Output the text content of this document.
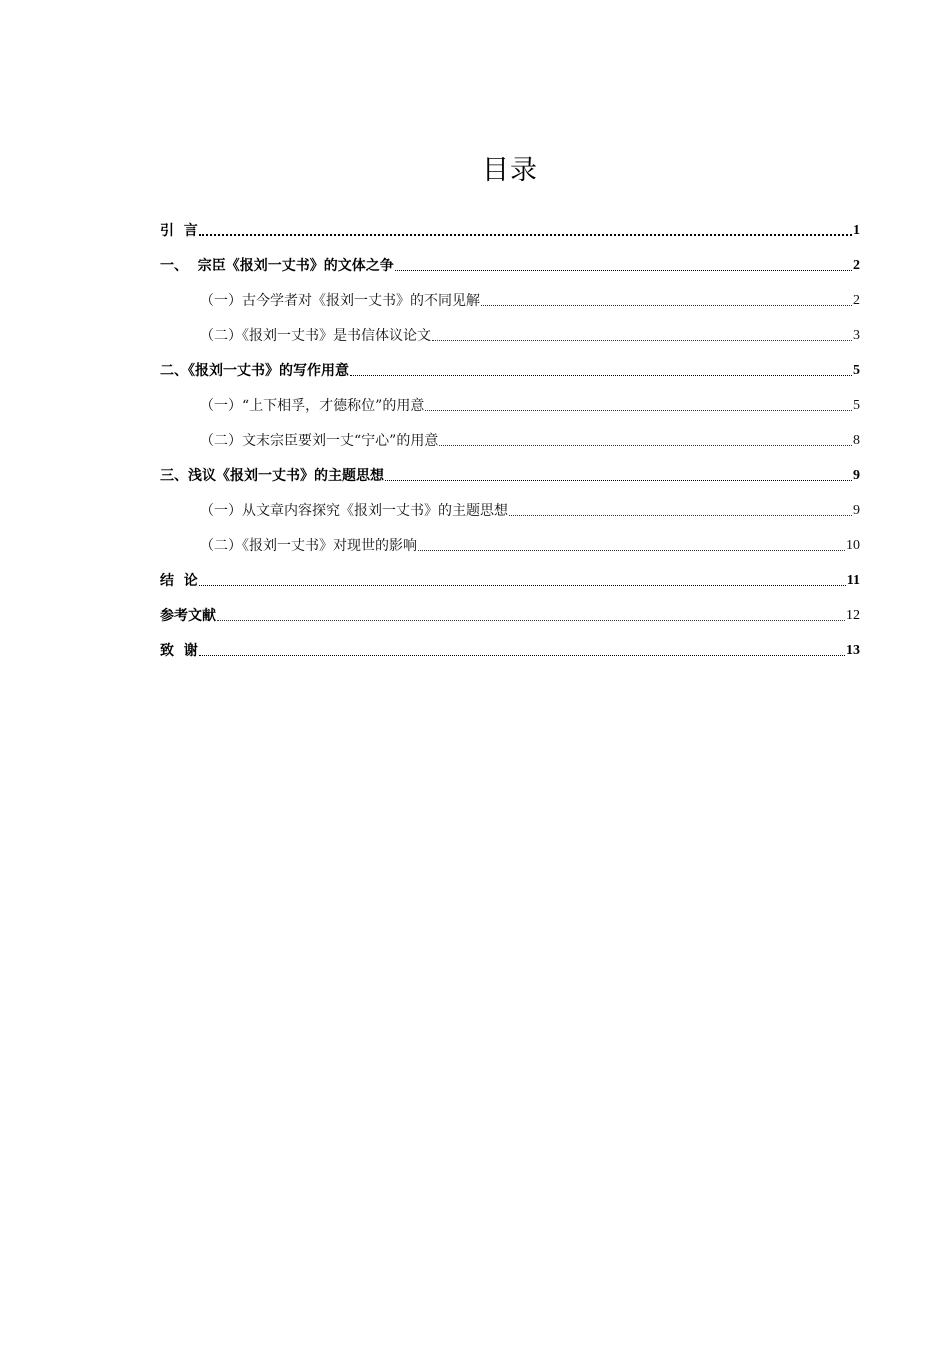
目录
引  言	1
一、  宗臣《报刘一丈书》的文体之争	2
（一）古今学者对《报刘一丈书》的不同见解	2
（二）《报刘一丈书》是书信体议论文	3
二、《报刘一丈书》的写作用意	5
（一）“上下相孚，才德称位”的用意	5
（二）文末宗臣要刘一丈“宁心”的用意	8
三、浅议《报刘一丈书》的主题思想	9
（一）从文章内容探究《报刘一丈书》的主题思想	9
（二）《报刘一丈书》对现世的影响	10
结  论	11
参考文献	12
致  谢	13
